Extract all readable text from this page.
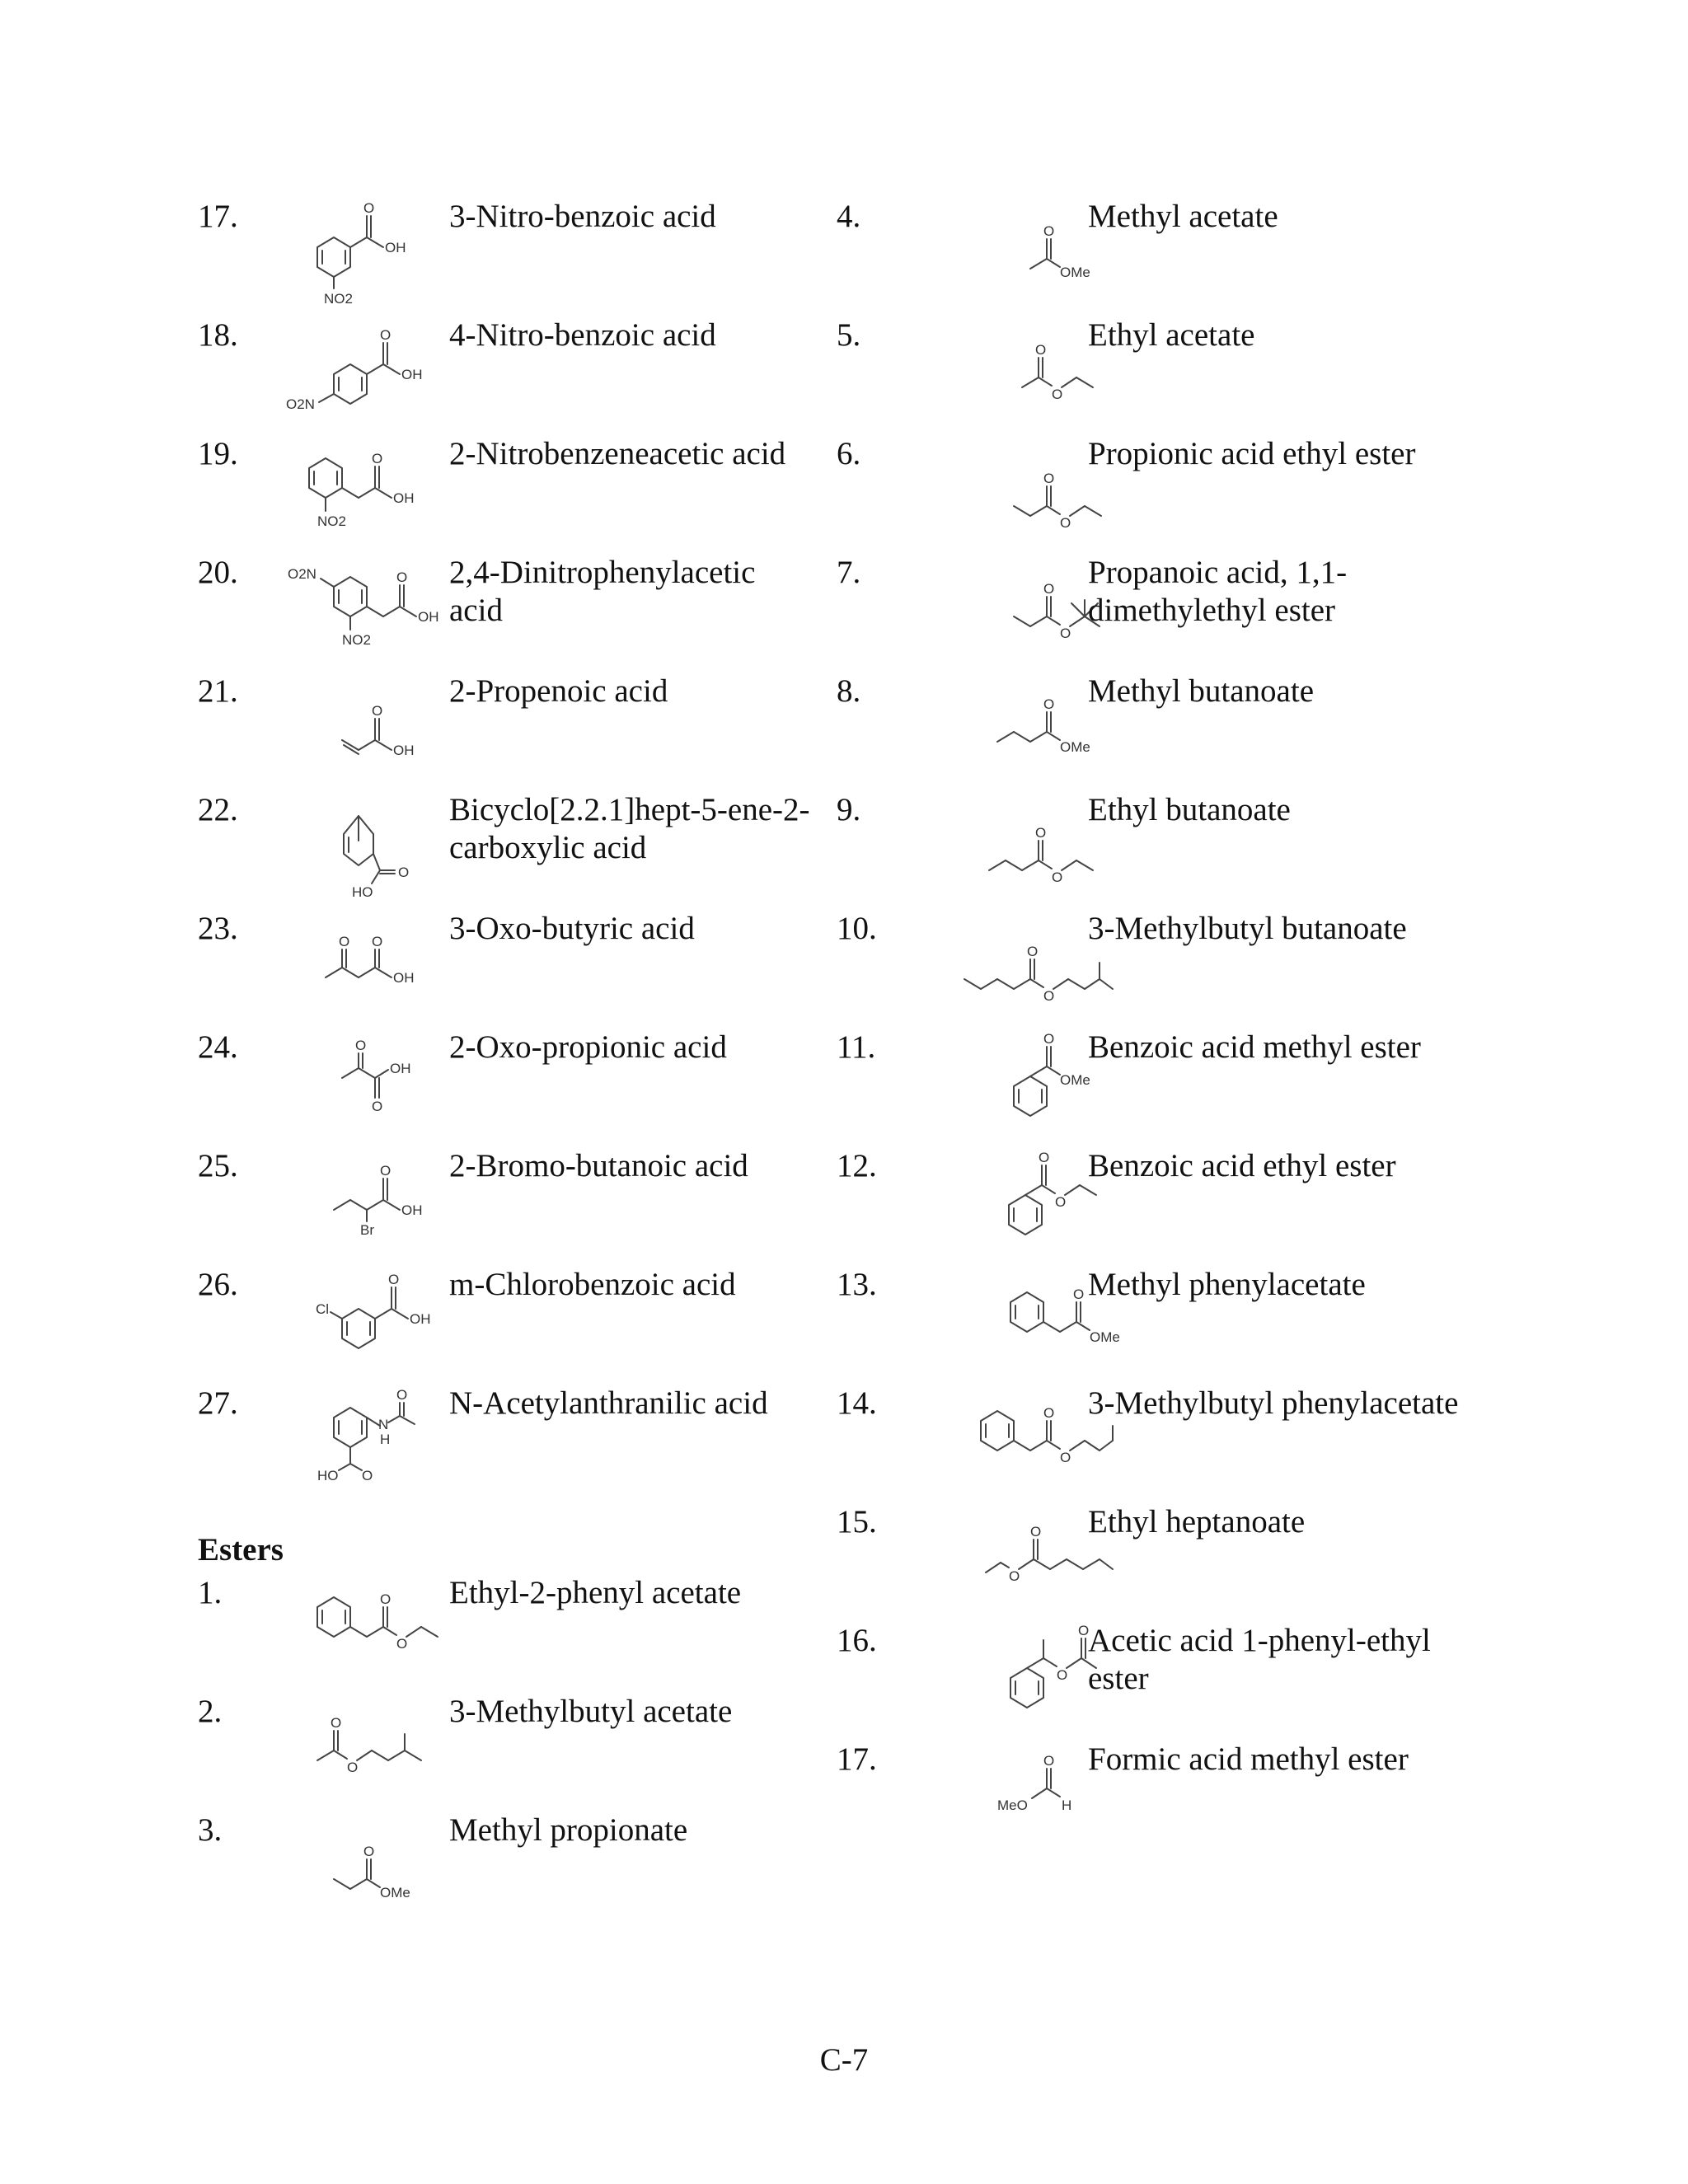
17.	O
OH
NO2
3-Nitro-benzoic acid
18.	O
OH
O2N
4-Nitro-benzoic acid
19.	O
OH
NO2
2-Nitrobenzeneacetic acid
20.	O2N	O
OH
NO2
2,4-Dinitrophenylacetic acid
21.
O
OH
2-Propenoic acid
22.
O
HO
Bicyclo[2.2.1]hept-5-ene-2-carboxylic acid
23.	O O
OH
3-Oxo-butyric acid
24.	O
OH
O
2-Oxo-propionic acid
25.	O
OH
Br
2-Bromo-butanoic acid
26.
Cl
O
OH
m-Chlorobenzoic acid
27.	O
N
H
HO O
N-Acetylanthranilic acid
Esters
1.	O
O
Ethyl-2-phenyl acetate
2.	O
O
3-Methylbutyl acetate
3.
O
OMe
Methyl propionate
4.	O
OMe
Methyl acetate
5.	O
O
Ethyl acetate
6.
O
O
Propionic acid ethyl ester
7.	O
O
Propanoic acid, 1,1-dimethylethyl ester
8.	O
OMe
Methyl butanoate
9.
O
O
Ethyl butanoate
10.
O
O
3-Methylbutyl butanoate
11.	O
OMe
Benzoic acid methyl ester
12.	O
O
Benzoic acid ethyl ester
13.	O
OMe
Methyl phenylacetate
14.	O
O
3-Methylbutyl phenylacetate
15.	O
O
Ethyl heptanoate
16.	O
O
Acetic acid 1-phenyl-ethyl ester
17.	O
MeO H
Formic acid methyl ester
C-7
